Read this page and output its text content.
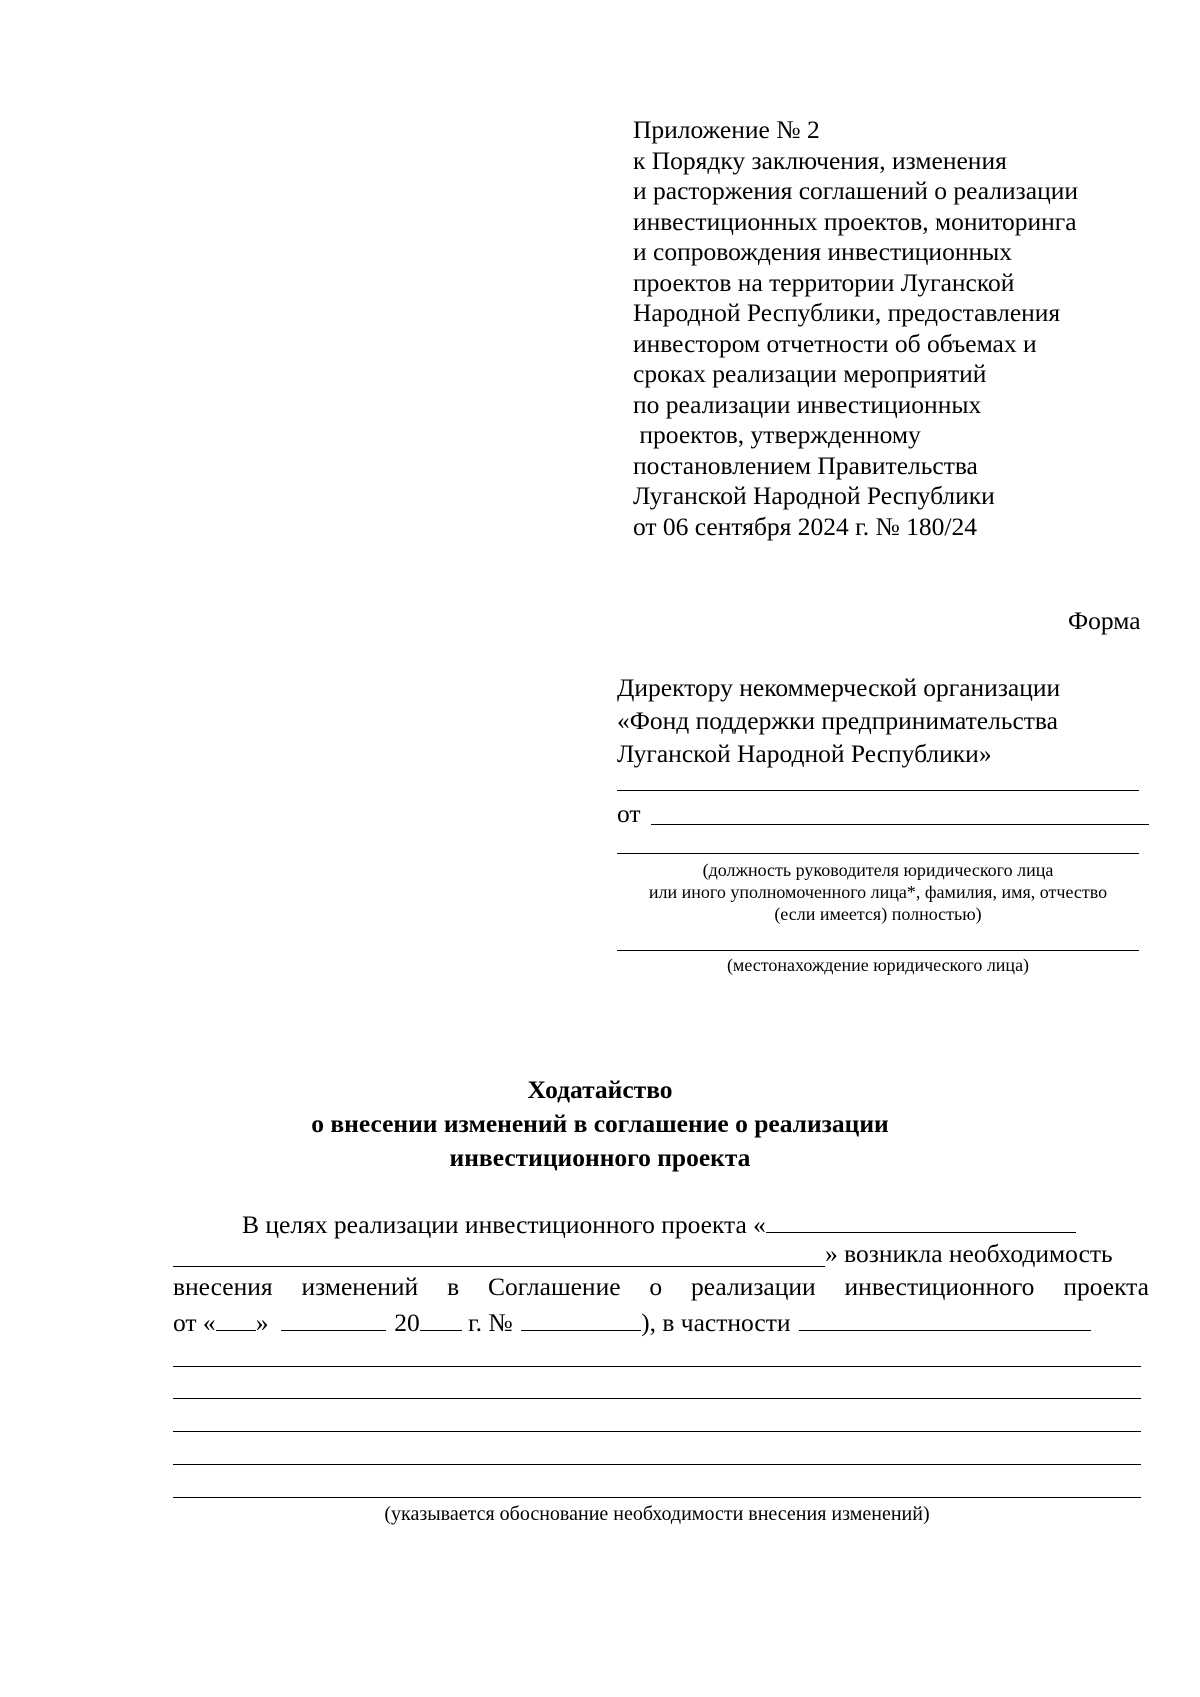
Приложение № 2
к Порядку заключения, изменения
и расторжения соглашений о реализации
инвестиционных проектов, мониторинга
и сопровождения инвестиционных
проектов на территории Луганской
Народной Республики, предоставления
инвестором отчетности об объемах и
сроках реализации мероприятий
по реализации инвестиционных
проектов, утвержденному
постановлением Правительства
Луганской Народной Республики
от 06 сентября 2024 г. № 180/24
Форма
Директору некоммерческой организации
«Фонд поддержки предпринимательства
Луганской Народной Республики»
от
(должность руководителя юридического лица
или иного уполномоченного лица*, фамилия, имя, отчество
(если имеется) полностью)
(местонахождение юридического лица)
Ходатайство
о внесении изменений в соглашение о реализации
инвестиционного проекта
В целях реализации инвестиционного проекта «
» возникла необходимость
внесения изменений в Соглашение о реализации инвестиционного проекта
от « »	20 г. №	), в частности
(указывается обоснование необходимости внесения изменений)
